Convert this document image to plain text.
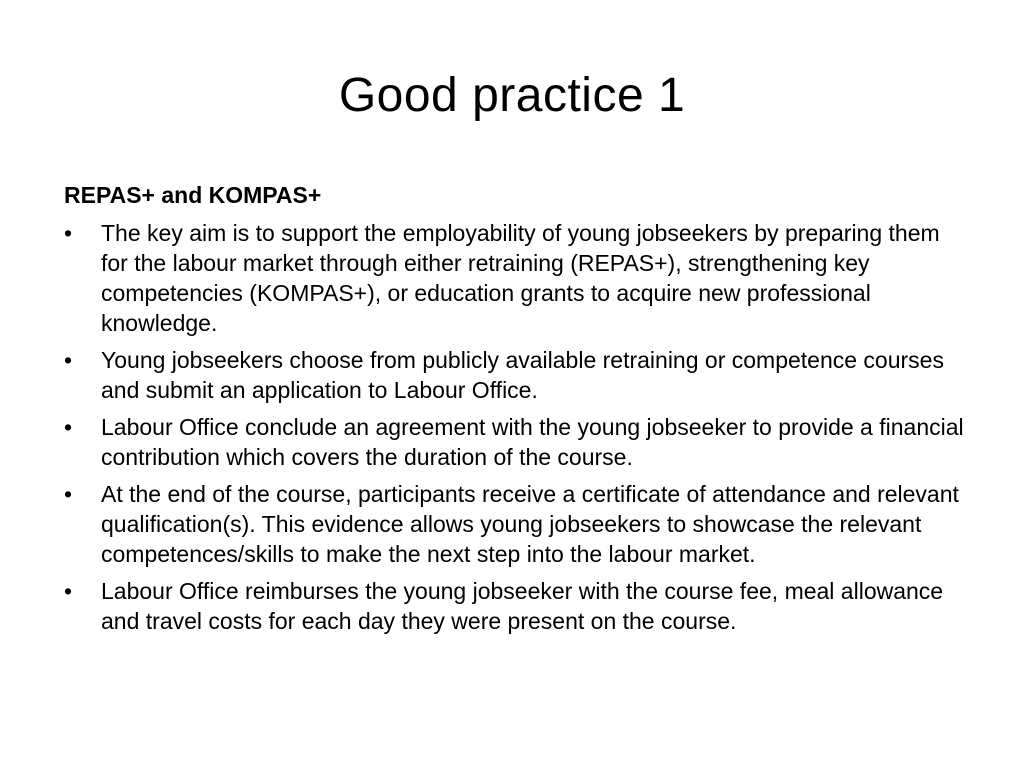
Good practice 1
REPAS+ and KOMPAS+
•	The key aim is to support the employability of young jobseekers by preparing them for the labour market through either retraining (REPAS+), strengthening key competencies (KOMPAS+), or education grants to acquire new professional knowledge.
•	Young jobseekers choose from publicly available retraining or competence courses and submit an application to Labour Office.
•	Labour Office conclude an agreement with the young jobseeker to provide a financial contribution which covers the duration of the course.
•	At the end of the course, participants receive a certificate of attendance and relevant qualification(s). This evidence allows young jobseekers to showcase the relevant competences/skills to make the next step into the labour market.
•	Labour Office reimburses the young jobseeker with the course fee, meal allowance and travel costs for each day they were present on the course.
